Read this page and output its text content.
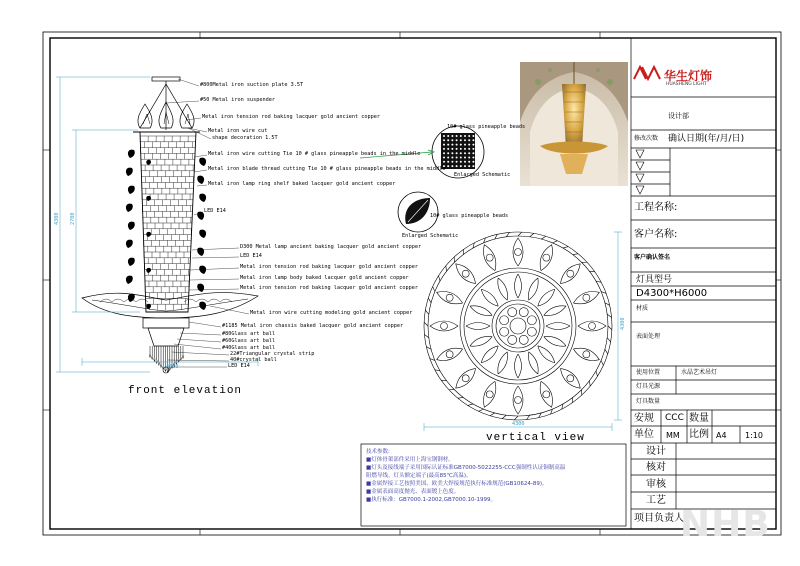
华生灯饰
HUASHENG LIGHT
设计部
确认日期(年/月/日)
修改次数
工程名称:
客户名称:
客户确认签名
灯具型号
D4300*H6000
材质
表面处理
使用位置	水晶艺术吊灯
灯具光源
灯具数量
安规 CCC 数量
单位 MM 比例 A4 1:10
设计
核对
审核
工艺
项目负责人
#800Metal iron suction plate 3.5T
#50 Metal iron suspender
Metal iron tension rod baking lacquer gold ancient copper
Metal iron wire cut
shape decoration 1.5T
Metal iron wire cutting Tie 10 # glass pineapple beads in the middle
Metal iron blade thread cutting Tie 10 # glass pineapple beads in the middle
Metal iron lamp ring shelf baked lacquer gold ancient copper
LED E14
D300 Metal lamp ancient baking lacquer gold ancient copper
LED E14
Metal iron tension rod baking lacquer gold ancient copper
Metal iron lamp body baked lacquer gold ancient copper
Metal iron tension rod baking lacquer gold ancient copper
Metal iron wire cutting modeling gold ancient copper
#1185 Metal iron chassis baked lacquer gold ancient copper
#80Glass art ball
#60Glass art ball
#40Glass art ball
22#Triangular crystal strip
40#crystal ball
LED E14
10# glass pineapple beads
Enlarged Schematic
10# glass pineapple beads
Enlarged Schematic
front elevation
vertical view
4300 2700
4300
4300
4300
技术参数:
■灯体骨架部件采用上海宝钢钢材。
■灯头及接线端子采用国际认证标准GB7000-5022255-CCC强制性认证铜制高温
阻燃导线。灯头额定端子(最高85℃高温)。
■金属焊接工艺按照美国、欧美大焊接规范执行标准规范(GB10624-89)。
■金属表面高度抛光、表面镀上色度。
■执行标准：GB7000.1-2002,GB7000.10-1999。
NHB
